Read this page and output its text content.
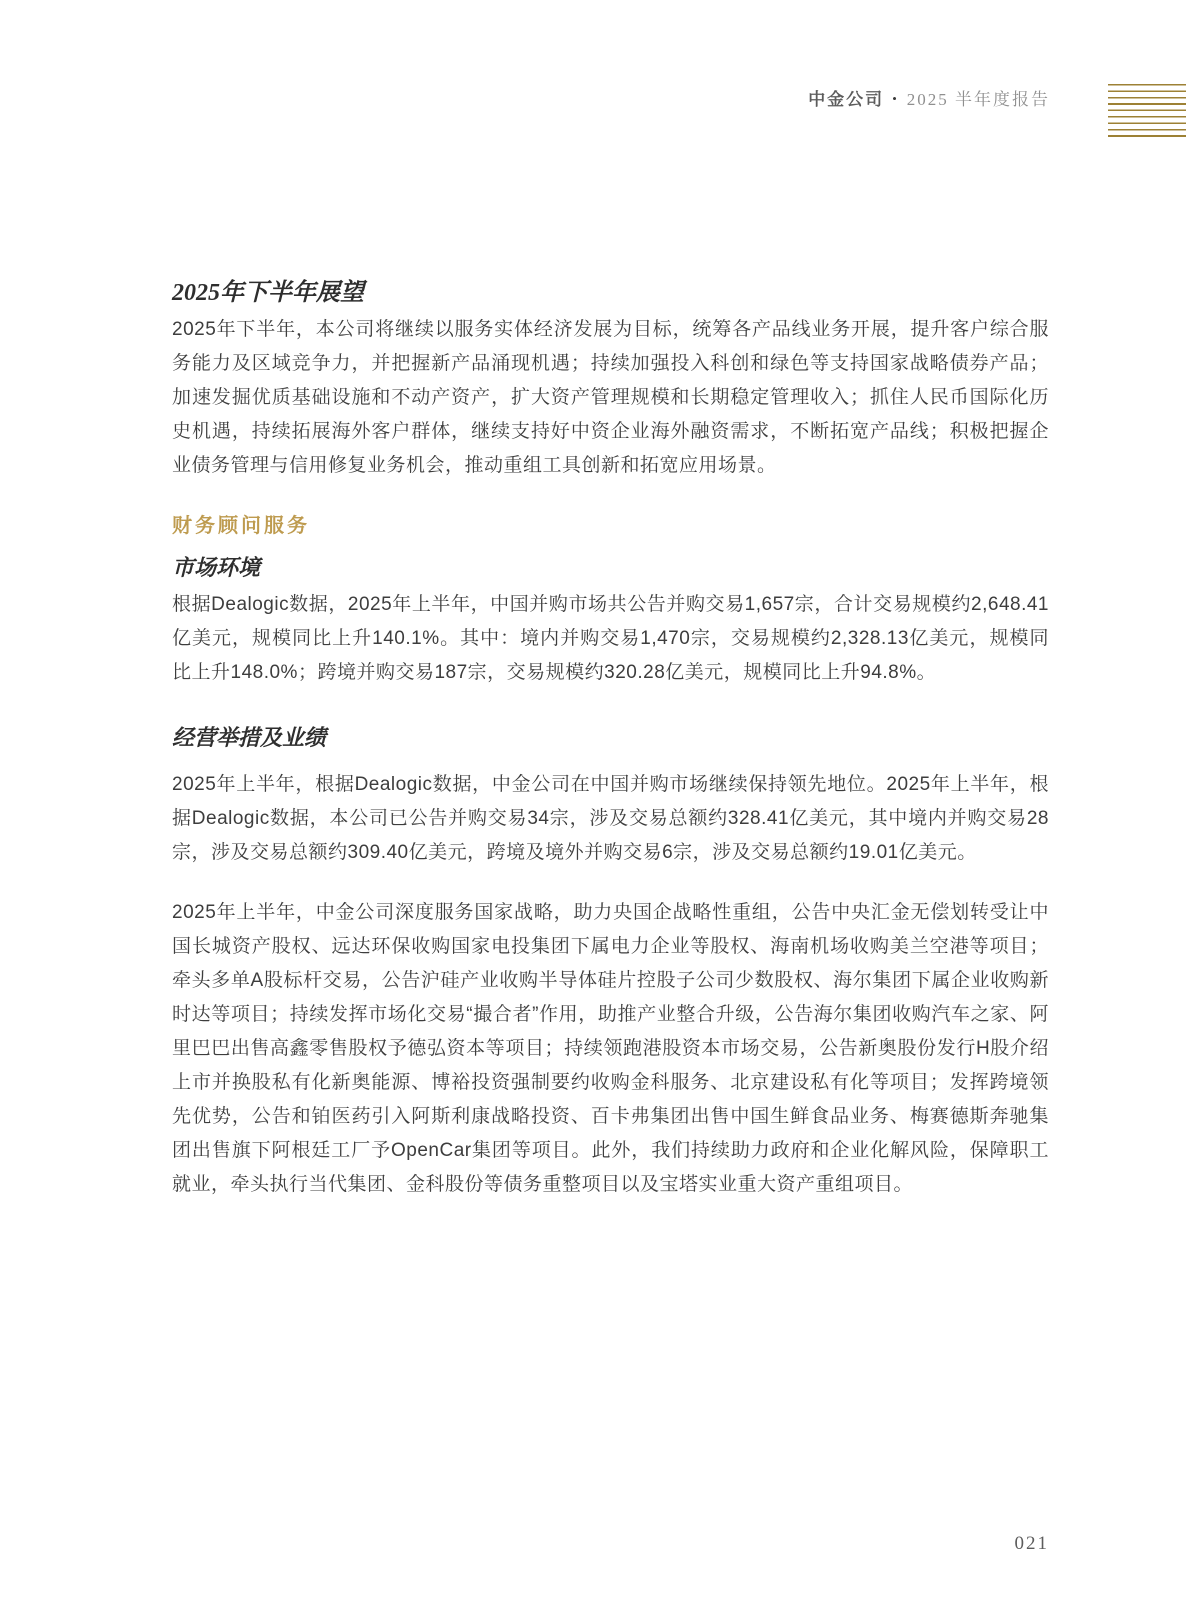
中金公司 • 2025 半年度报告
2025年下半年展望
2025年下半年，本公司将继续以服务实体经济发展为目标，统筹各产品线业务开展，提升客户综合服务能力及区域竞争力，并把握新产品涌现机遇；持续加强投入科创和绿色等支持国家战略债券产品；加速发掘优质基础设施和不动产资产，扩大资产管理规模和长期稳定管理收入；抓住人民币国际化历史机遇，持续拓展海外客户群体，继续支持好中资企业海外融资需求，不断拓宽产品线；积极把握企业债务管理与信用修复业务机会，推动重组工具创新和拓宽应用场景。
财务顾问服务
市场环境
根据Dealogic数据，2025年上半年，中国并购市场共公告并购交易1,657宗，合计交易规模约2,648.41亿美元，规模同比上升140.1%。其中：境内并购交易1,470宗，交易规模约2,328.13亿美元，规模同比上升148.0%；跨境并购交易187宗，交易规模约320.28亿美元，规模同比上升94.8%。
经营举措及业绩
2025年上半年，根据Dealogic数据，中金公司在中国并购市场继续保持领先地位。2025年上半年，根据Dealogic数据，本公司已公告并购交易34宗，涉及交易总额约328.41亿美元，其中境内并购交易28宗，涉及交易总额约309.40亿美元，跨境及境外并购交易6宗，涉及交易总额约19.01亿美元。
2025年上半年，中金公司深度服务国家战略，助力央国企战略性重组，公告中央汇金无偿划转受让中国长城资产股权、远达环保收购国家电投集团下属电力企业等股权、海南机场收购美兰空港等项目；牵头多单A股标杆交易，公告沪硅产业收购半导体硅片控股子公司少数股权、海尔集团下属企业收购新时达等项目；持续发挥市场化交易“撮合者”作用，助推产业整合升级，公告海尔集团收购汽车之家、阿里巴巴出售高鑫零售股权予德弘资本等项目；持续领跑港股资本市场交易，公告新奥股份发行H股介绍上市并换股私有化新奥能源、博裕投资强制要约收购金科服务、北京建设私有化等项目；发挥跨境领先优势，公告和铂医药引入阿斯利康战略投资、百卡弗集团出售中国生鲜食品业务、梅赛德斯奔驰集团出售旗下阿根廷工厂予OpenCar集团等项目。此外，我们持续助力政府和企业化解风险，保障职工就业，牵头执行当代集团、金科股份等债务重整项目以及宝塔实业重大资产重组项目。
021
